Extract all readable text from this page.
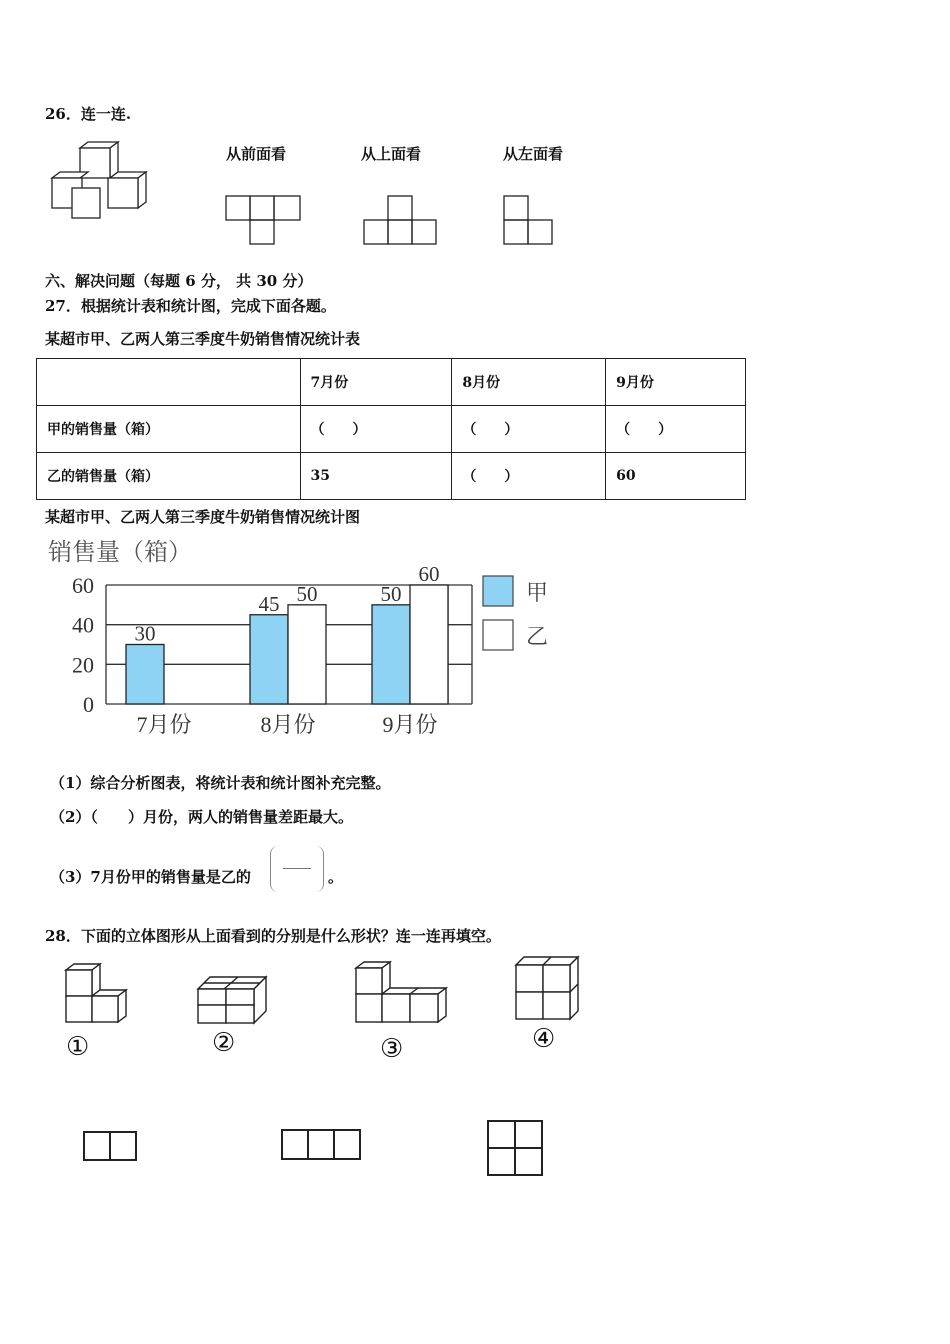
26．连一连.
从前面看	从上面看	从左面看
六、解决问题（每题 6 分， 共 30 分）
27．根据统计表和统计图，完成下面各题。
某超市甲、乙两人第三季度牛奶销售情况统计表
	7月份	8月份	9月份
甲的销售量（箱）	（　　）	（　　）	（　　）
乙的销售量（箱）	35	（　　）	60
某超市甲、乙两人第三季度牛奶销售情况统计图
销售量（箱）
60
40
20
0
30
7月份
45 50
8月份
50
60
9月份
甲
乙
（1）综合分析图表，将统计表和统计图补充完整。
（2）（　　）月份，两人的销售量差距最大。
（3）7月份甲的销售量是乙的	。
28．下面的立体图形从上面看到的分别是什么形状？连一连再填空。
①	②	③	④
